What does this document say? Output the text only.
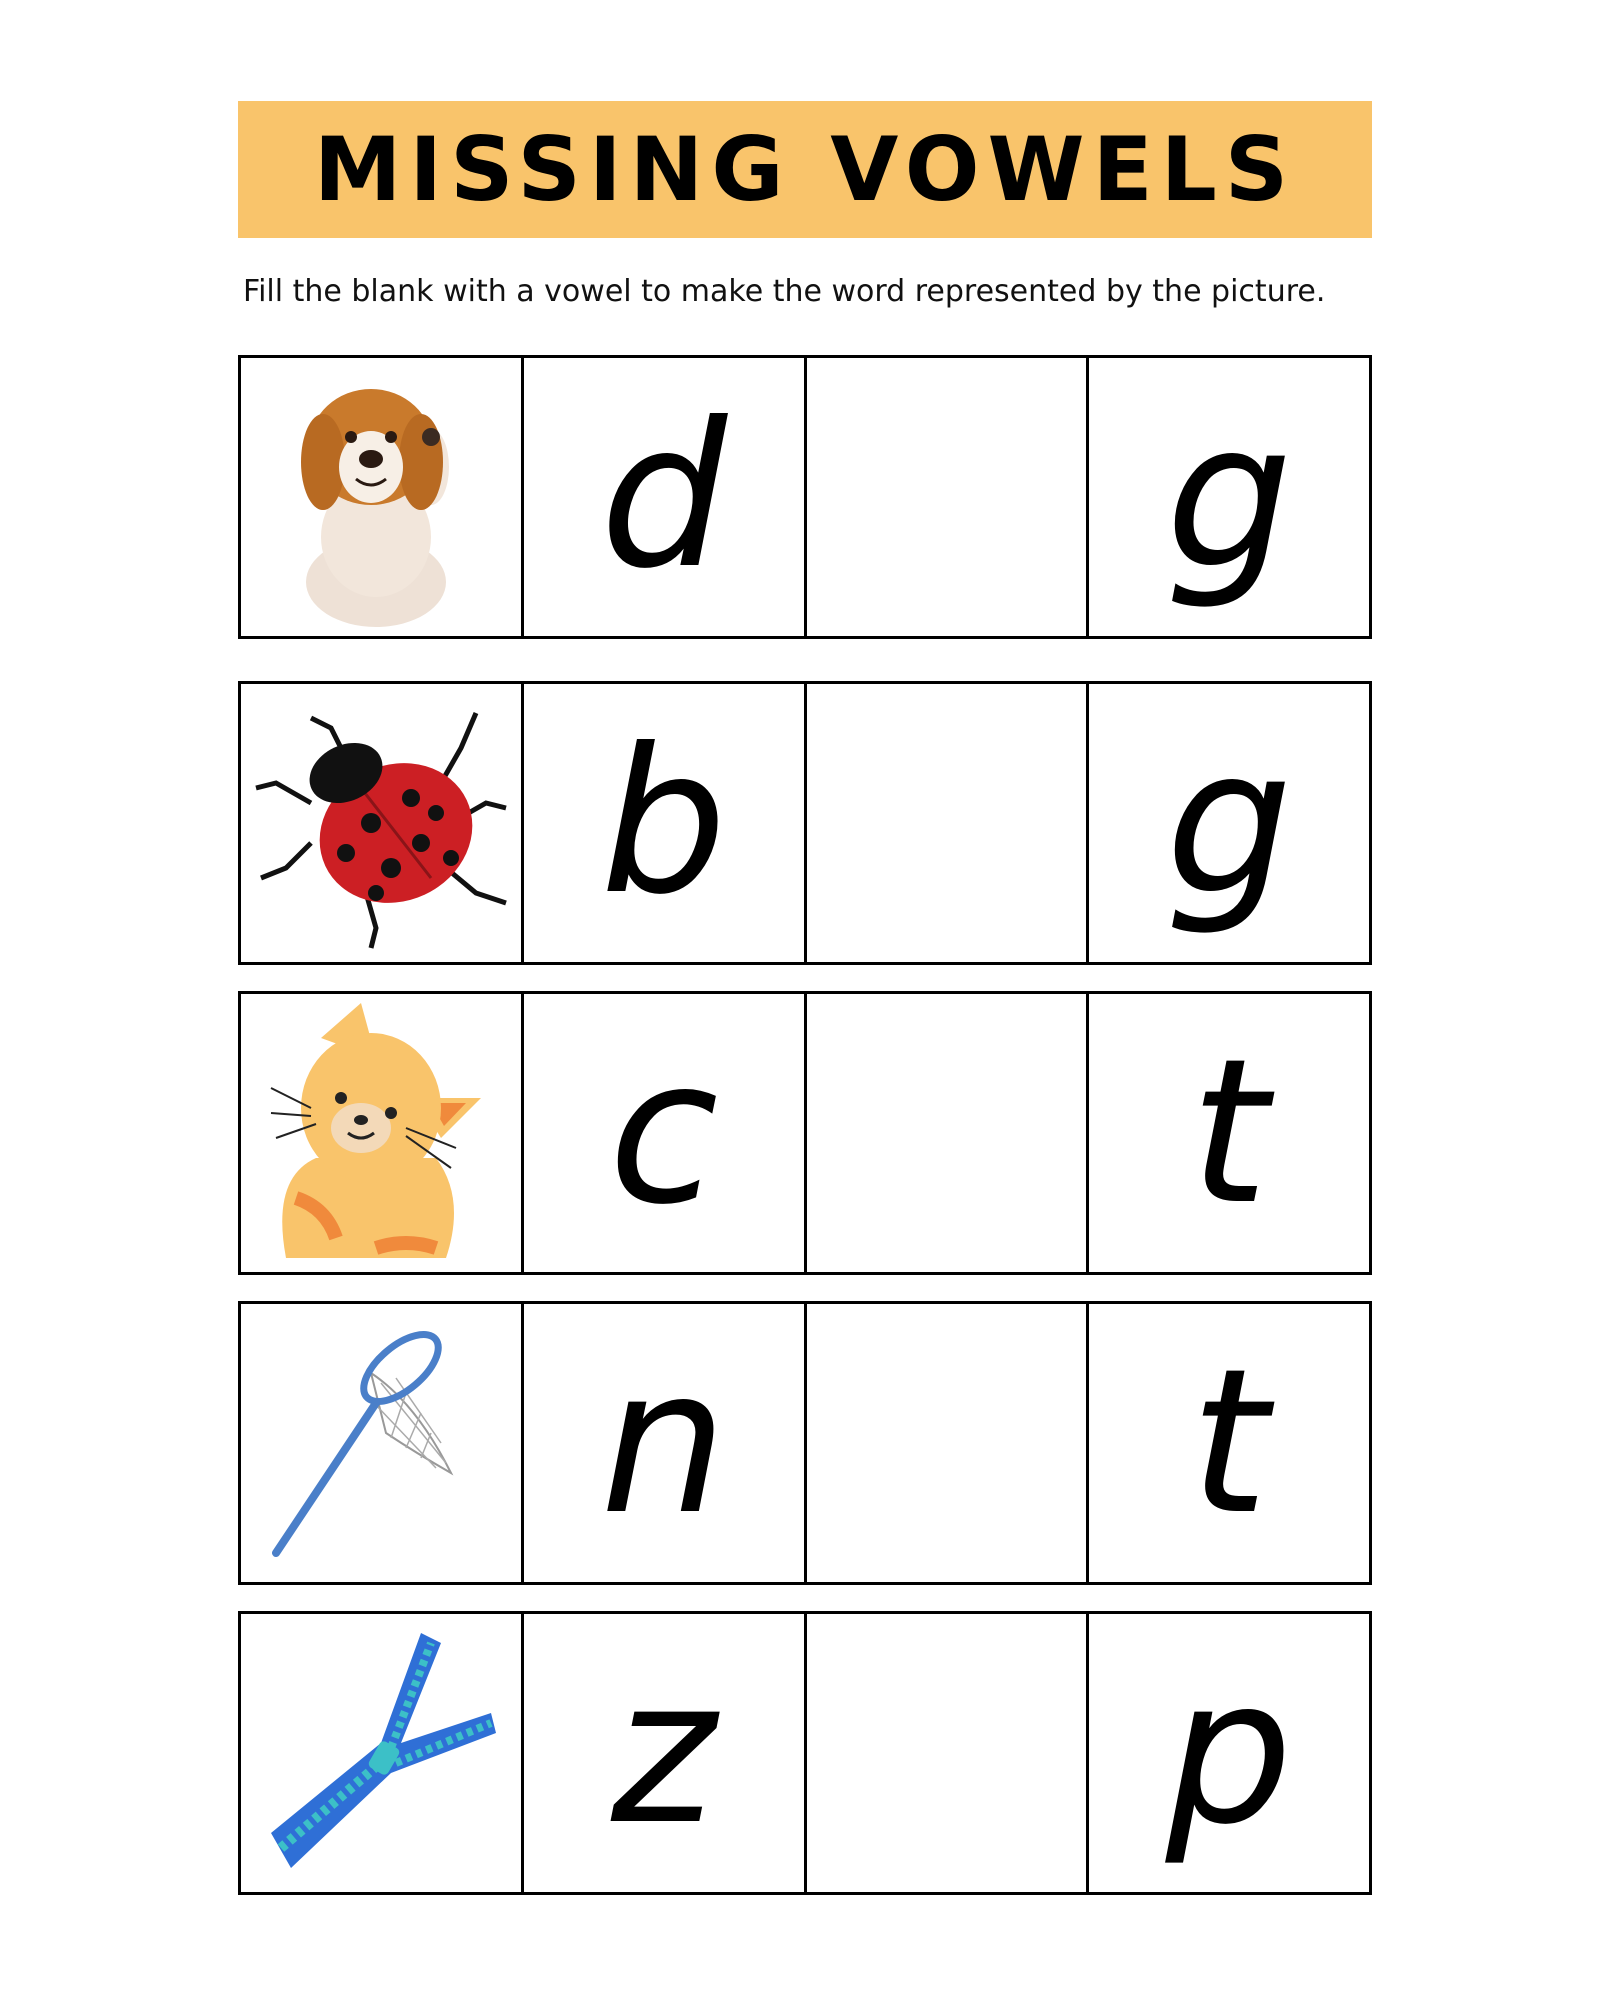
MISSING VOWELS
Fill the blank with a vowel to make the word represented by the picture.
d g
b g
c t
n t
z p
